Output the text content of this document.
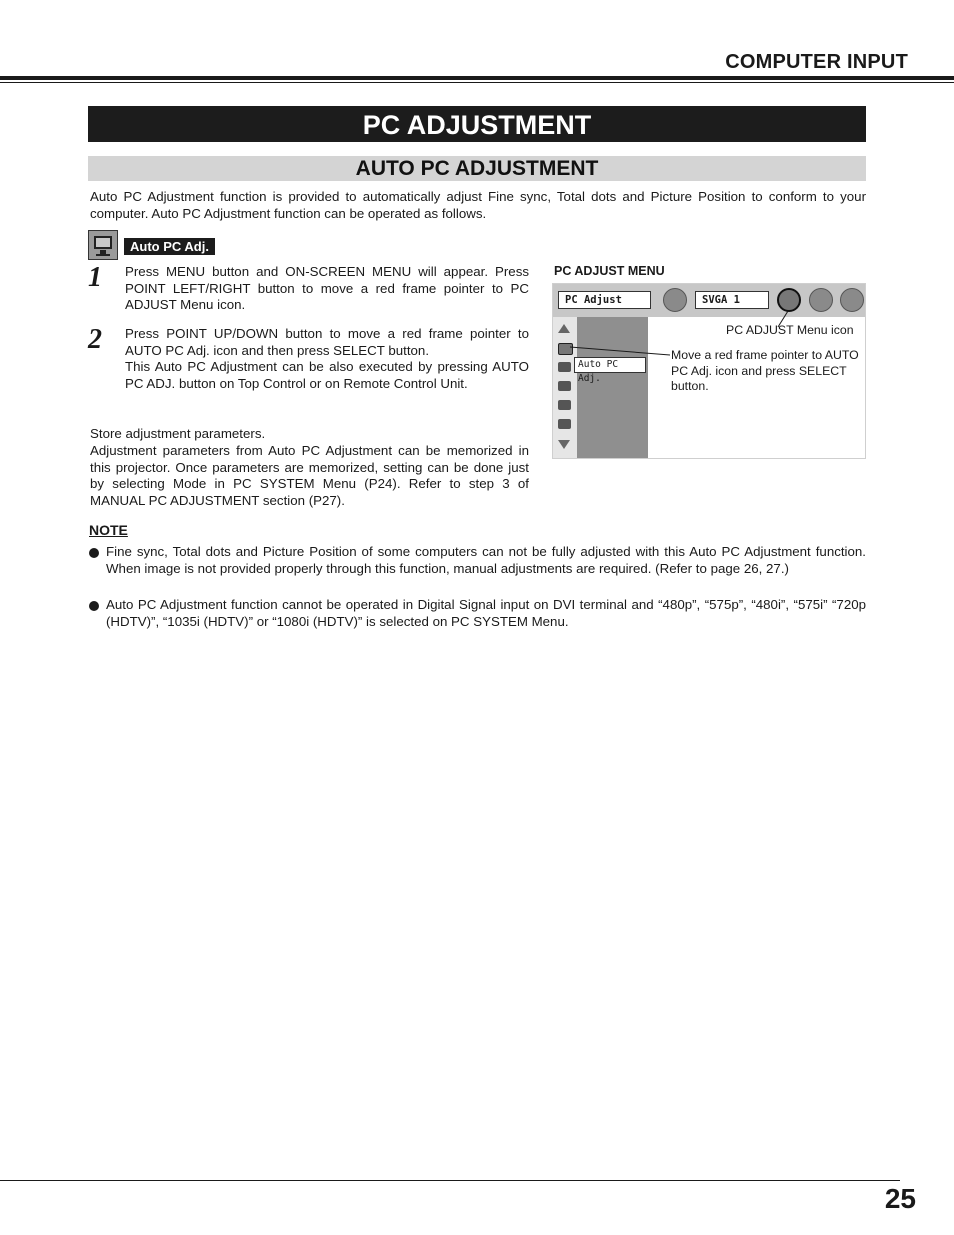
COMPUTER INPUT
PC ADJUSTMENT
AUTO PC ADJUSTMENT
Auto PC Adjustment function is provided to automatically adjust Fine sync, Total dots and Picture Position to conform to your computer. Auto PC Adjustment function can be operated as follows.
Auto PC Adj.
1 Press MENU button and ON-SCREEN MENU will appear. Press POINT LEFT/RIGHT button to move a red frame pointer to PC ADJUST Menu icon.
2 Press POINT UP/DOWN button to move a red frame pointer to AUTO PC Adj. icon and then press SELECT button.
This Auto PC Adjustment can be also executed by pressing AUTO PC ADJ. button on Top Control or on Remote Control Unit.
Store adjustment parameters.
Adjustment parameters from Auto PC Adjustment can be memorized in this projector. Once parameters are memorized, setting can be done just by selecting Mode in PC SYSTEM Menu (P24). Refer to step 3 of MANUAL PC ADJUSTMENT section (P27).
PC ADJUST MENU
PC Adjust	SVGA 1
Auto PC Adj.
PC ADJUST Menu icon
Move a red frame pointer to AUTO PC Adj. icon and press SELECT button.
NOTE
Fine sync, Total dots and Picture Position of some computers can not be fully adjusted with this Auto PC Adjustment function. When image is not provided properly through this function, manual adjustments are required. (Refer to page 26, 27.)
Auto PC Adjustment function cannot be operated in Digital Signal input on DVI terminal and “480p”, “575p”, “480i”, “575i” “720p (HDTV)”, “1035i (HDTV)” or “1080i (HDTV)” is selected on PC SYSTEM Menu.
25
